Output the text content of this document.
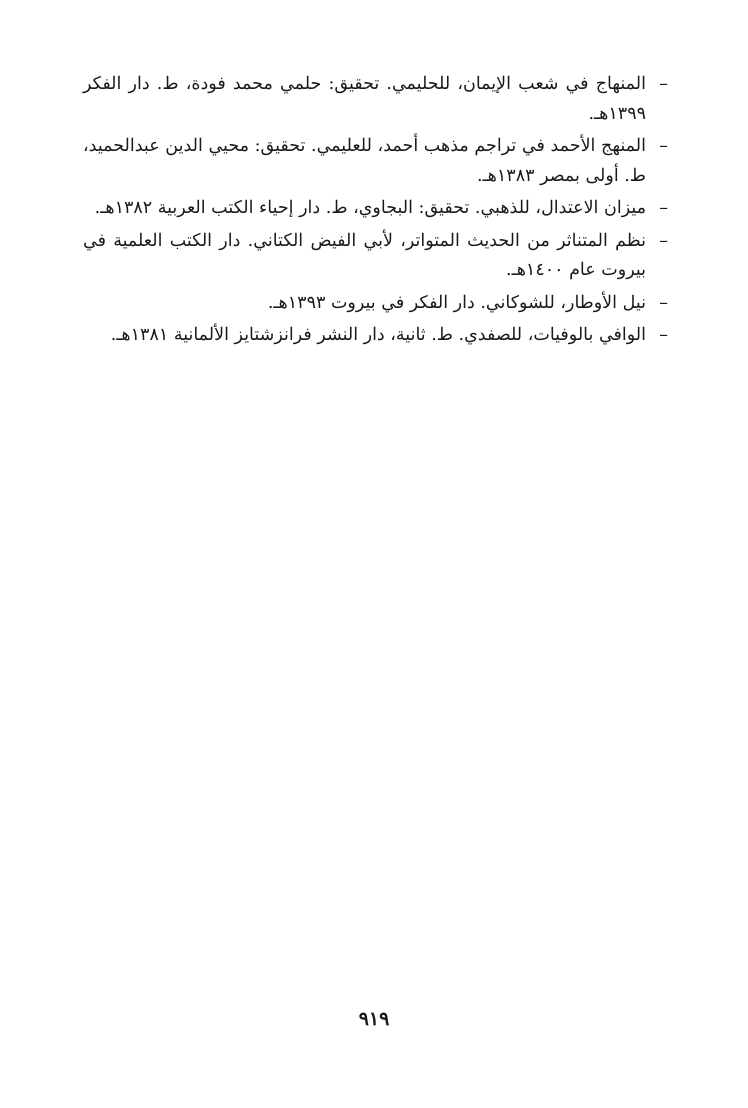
–
المنهاج في شعب الإيمان، للحليمي. تحقيق: حلمي محمد فودة، ط. دار الفكر ١٣٩٩هـ.
–
المنهج الأحمد في تراجم مذهب أحمد، للعليمي. تحقيق: محيي الدين عبدالحميد، ط. أولى بمصر ١٣٨٣هـ.
–
ميزان الاعتدال، للذهبي. تحقيق: البجاوي، ط. دار إحياء الكتب العربية ١٣٨٢هـ.
–
نظم المتناثر من الحديث المتواتر، لأبي الفيض الكتاني. دار الكتب العلمية في بيروت عام ١٤٠٠هـ.
–
نيل الأوطار، للشوكاني. دار الفكر في بيروت ١٣٩٣هـ.
–
الوافي بالوفيات، للصفدي. ط. ثانية، دار النشر فرانزشتايز الألمانية ١٣٨١هـ.
٩١٩
